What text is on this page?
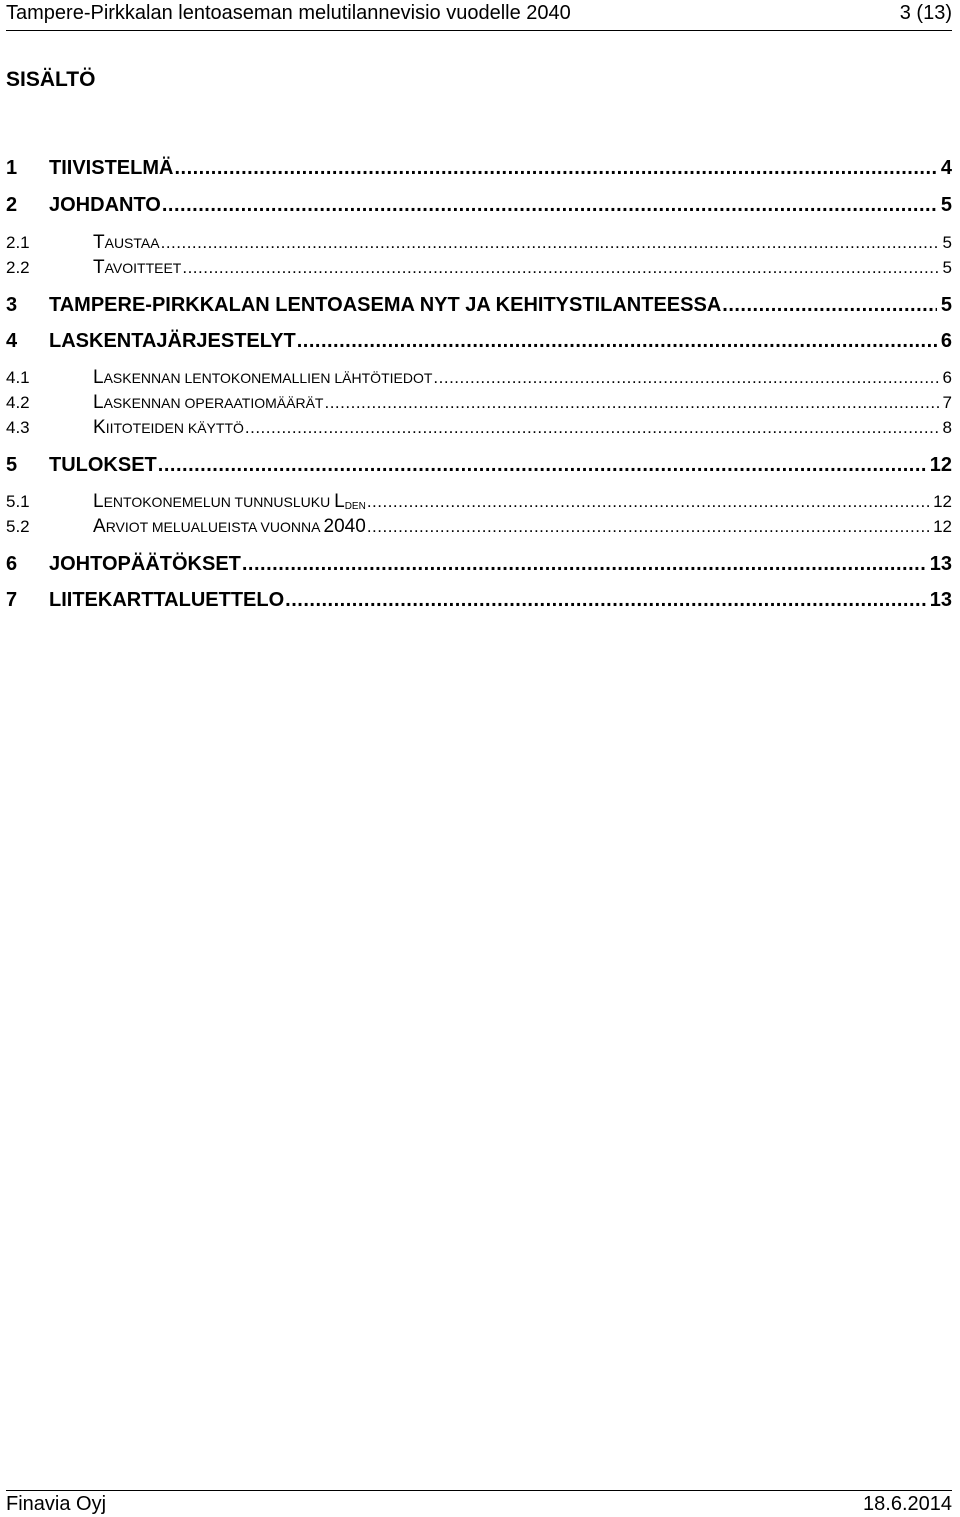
Tampere-Pirkkalan lentoaseman melutilannevisio vuodelle 2040	3 (13)
SISÄLTÖ
1	TIIVISTELMÄ .....	4
2	JOHDANTO .....	5
2.1	TAUSTAA .....	5
2.2	TAVOITTEET .....	5
3	TAMPERE-PIRKKALAN LENTOASEMA NYT JA KEHITYSTILANTEESSA .....	5
4	LASKENTAJÄRJESTELYT .....	6
4.1	LASKENNAN LENTOKONEMALLIEN LÄHTÖTIEDOT .....	6
4.2	LASKENNAN OPERAATIOMÄÄRÄT .....	7
4.3	KIITOTEIDEN KÄYTTÖ .....	8
5	TULOKSET .....	12
5.1	LENTOKONEMELUN TUNNUSLUKU $L_{DEN}$ .....	12
5.2	ARVIOT MELUALUEISTA VUONNA 2040 .....	12
6	JOHTOPÄÄTÖKSET .....	13
7	LIITEKARTTALUETTELO .....	13
Finavia Oyj	18.6.2014
